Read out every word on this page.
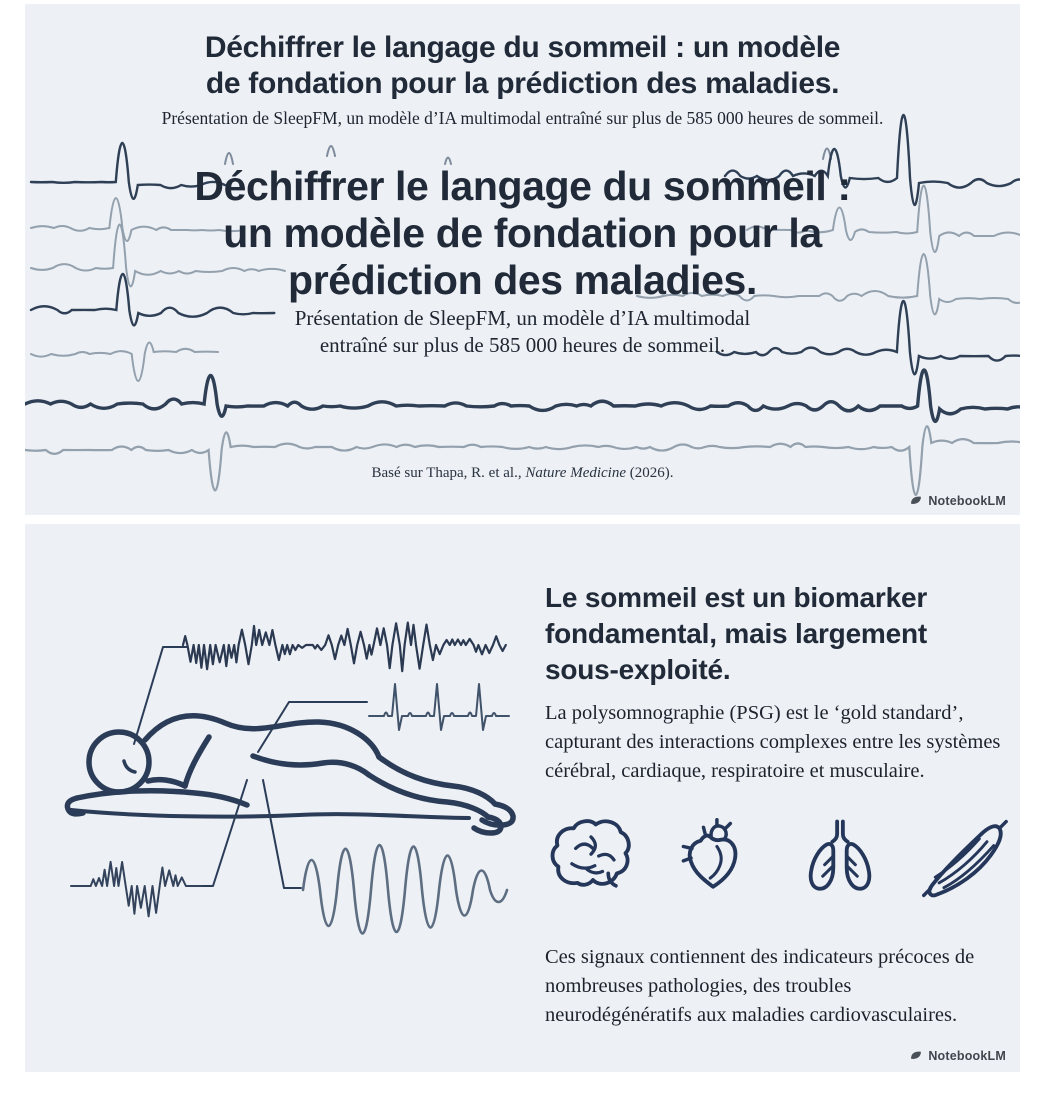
Déchiffrer le langage du sommeil : un modèle
de fondation pour la prédiction des maladies.
Présentation de SleepFM, un modèle d’IA multimodal entraîné sur plus de 585 000 heures de sommeil.
Déchiffrer le langage du sommeil :
un modèle de fondation pour la
prédiction des maladies.
Présentation de SleepFM, un modèle d’IA multimodal
entraîné sur plus de 585 000 heures de sommeil.
Basé sur Thapa, R. et al., Nature Medicine (2026).
NotebookLM
Le sommeil est un biomarker fondamental, mais largement sous-exploité.

La polysomnographie (PSG) est le ‘gold standard’, capturant des interactions complexes entre les systèmes cérébral, cardiaque, respiratoire et musculaire.

Ces signaux contiennent des indicateurs précoces de nombreuses pathologies, des troubles neurodégénératifs aux maladies cardiovasculaires.

NotebookLM
